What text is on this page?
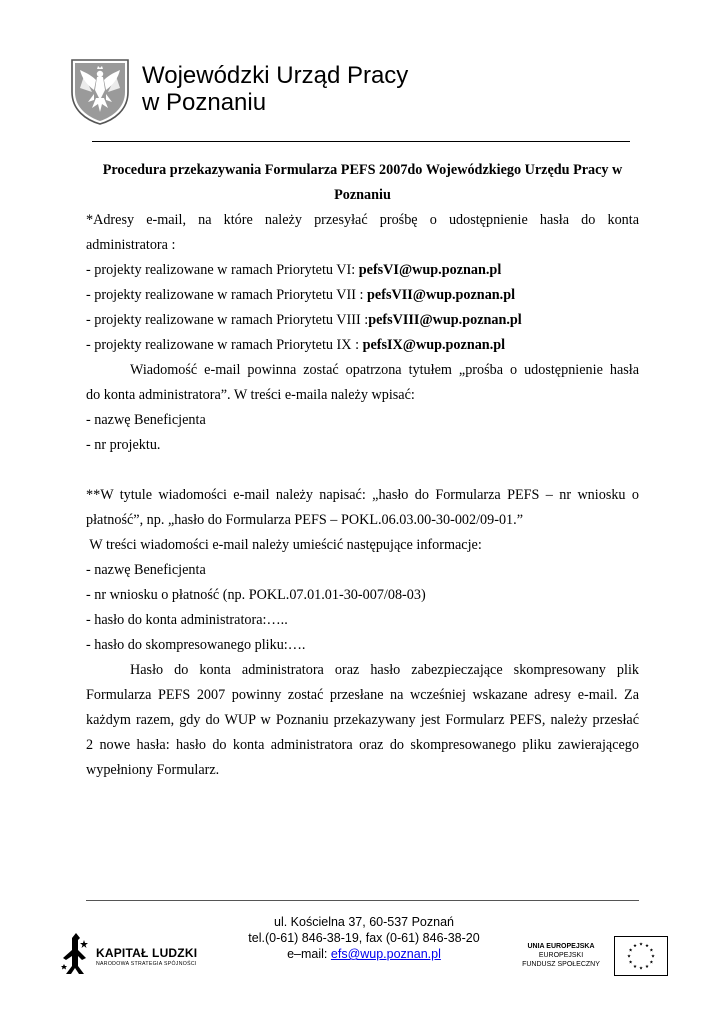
Wojewódzki Urząd Pracy
w Poznaniu

Procedura przekazywania Formularza PEFS 2007do Wojewódzkiego Urzędu Pracy w

Poznaniu

*Adresy e-mail, na które należy przesyłać prośbę o udostępnienie hasła do konta

administratora :

- projekty realizowane w ramach Priorytetu VI: pefsVI@wup.poznan.pl

- projekty realizowane w ramach Priorytetu VII : pefsVII@wup.poznan.pl

- projekty realizowane w ramach Priorytetu VIII :pefsVIII@wup.poznan.pl

- projekty realizowane w ramach Priorytetu IX : pefsIX@wup.poznan.pl

Wiadomość e-mail powinna zostać opatrzona tytułem „prośba o udostępnienie hasła

do konta administratora”. W treści e-maila należy wpisać:

- nazwę Beneficjenta

- nr projektu.

**W tytule wiadomości e-mail należy napisać: „hasło do Formularza PEFS – nr wniosku o

płatność”, np. „hasło do Formularza PEFS – POKL.06.03.00-30-002/09-01.”

W treści wiadomości e-mail należy umieścić następujące informacje:

- nazwę Beneficjenta

- nr wniosku o płatność (np. POKL.07.01.01-30-007/08-03)

- hasło do konta administratora:…..

- hasło do skompresowanego pliku:….

Hasło do konta administratora oraz hasło zabezpieczające skompresowany plik

Formularza PEFS 2007 powinny zostać przesłane na wcześniej wskazane adresy e-mail. Za

każdym razem, gdy do WUP w Poznaniu przekazywany jest Formularz PEFS, należy przesłać

2 nowe hasła: hasło do konta administratora oraz do skompresowanego pliku zawierającego

wypełniony Formularz.

KAPITAŁ LUDZKI
NARODOWA STRATEGIA SPÓJNOŚCI
ul. Kościelna 37, 60-537 Poznań
tel.(0-61) 846-38-19, fax (0-61) 846-38-20
e–mail: efs@wup.poznan.pl
UNIA EUROPEJSKA
EUROPEJSKI
FUNDUSZ SPOŁECZNY
